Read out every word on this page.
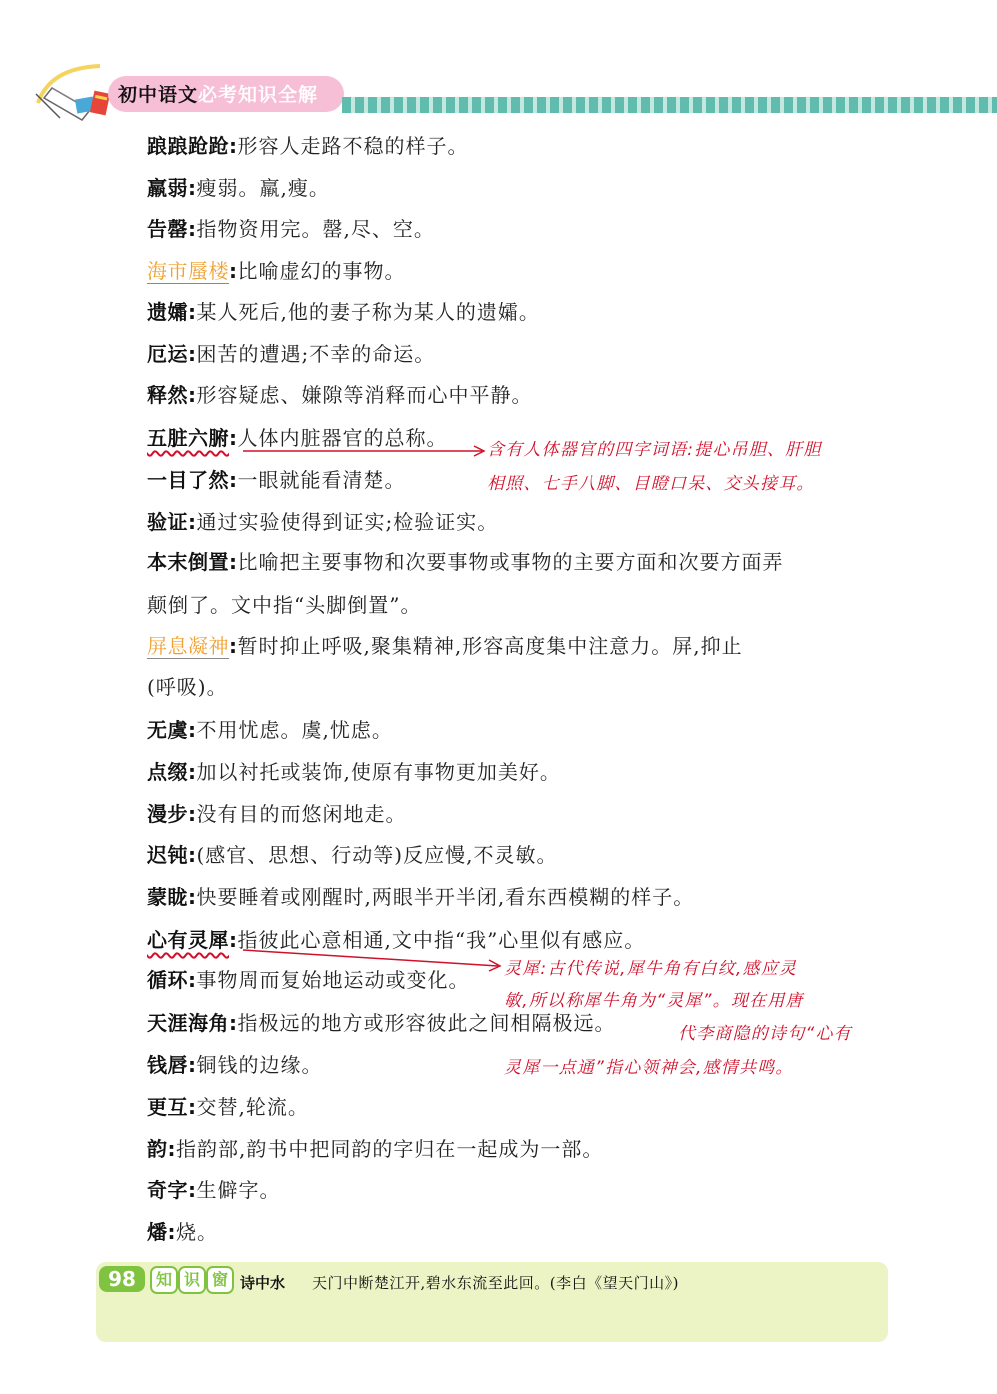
初中语文必考知识全解
踉踉跄跄:形容人走路不稳的样子。
羸弱:瘦弱。羸,瘦。
告罄:指物资用完。罄,尽、空。
海市蜃楼:比喻虚幻的事物。
遗孀:某人死后,他的妻子称为某人的遗孀。
厄运:困苦的遭遇;不幸的命运。
释然:形容疑虑、嫌隙等消释而心中平静。
五脏六腑:人体内脏器官的总称。
一目了然:一眼就能看清楚。
验证:通过实验使得到证实;检验证实。
本末倒置:比喻把主要事物和次要事物或事物的主要方面和次要方面弄
颠倒了。文中指“头脚倒置”。
屏息凝神:暂时抑止呼吸,聚集精神,形容高度集中注意力。屏,抑止
(呼吸)。
无虞:不用忧虑。虞,忧虑。
点缀:加以衬托或装饰,使原有事物更加美好。
漫步:没有目的而悠闲地走。
迟钝:(感官、思想、行动等)反应慢,不灵敏。
蒙眬:快要睡着或刚醒时,两眼半开半闭,看东西模糊的样子。
心有灵犀:指彼此心意相通,文中指“我”心里似有感应。
循环:事物周而复始地运动或变化。
天涯海角:指极远的地方或形容彼此之间相隔极远。
钱唇:铜钱的边缘。
更互:交替,轮流。
韵:指韵部,韵书中把同韵的字归在一起成为一部。
奇字:生僻字。
燔:烧。
含有人体器官的四字词语:提心吊胆、肝胆
相照、七手八脚、目瞪口呆、交头接耳。
灵犀:古代传说,犀牛角有白纹,感应灵
敏,所以称犀牛角为“灵犀”。现在用唐
代李商隐的诗句“心有
灵犀一点通”指心领神会,感情共鸣。
98	知 识 窗 诗中水 天门中断楚江开,碧水东流至此回。(李白《望天门山》)
